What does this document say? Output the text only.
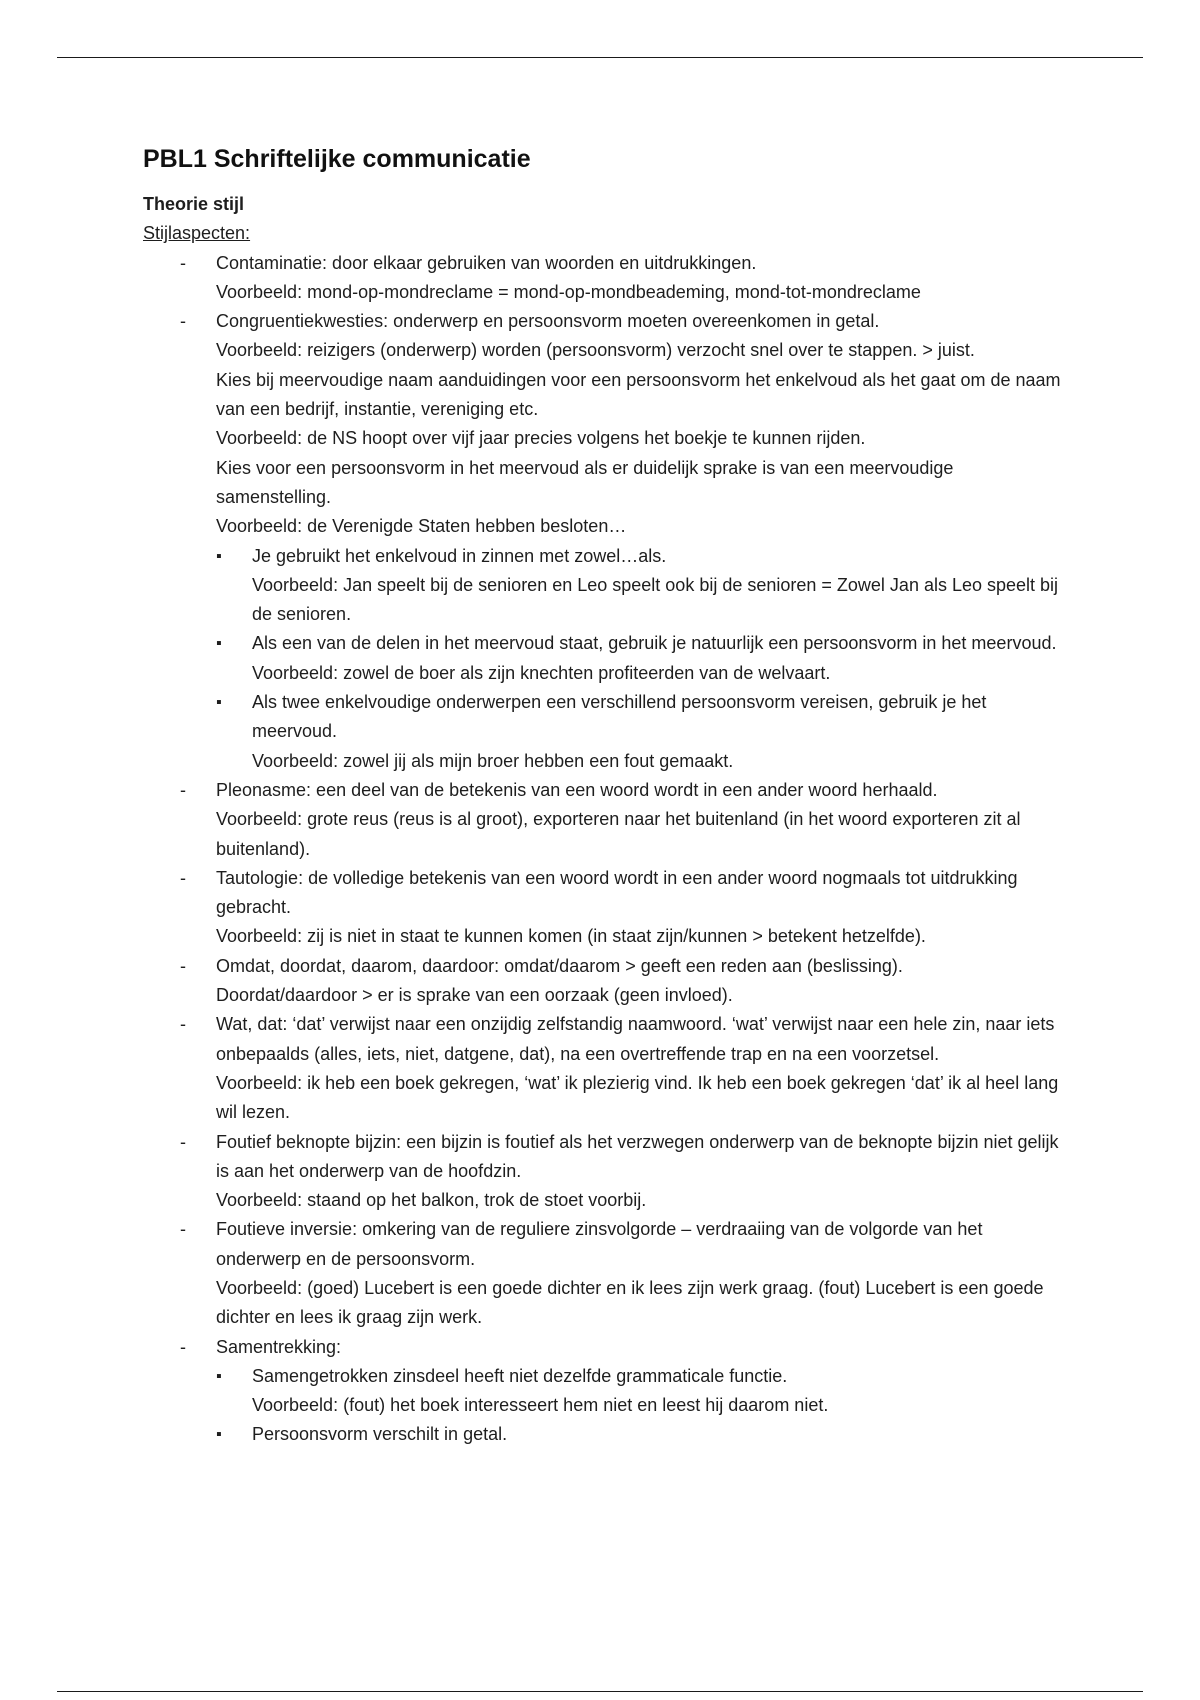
PBL1 Schriftelijke communicatie
Theorie stijl
Stijlaspecten:
- Contaminatie: door elkaar gebruiken van woorden en uitdrukkingen.
Voorbeeld: mond-op-mondreclame = mond-op-mondbeademing, mond-tot-mondreclame
- Congruentiekwesties: onderwerp en persoonsvorm moeten overeenkomen in getal.
Voorbeeld: reizigers (onderwerp) worden (persoonsvorm) verzocht snel over te stappen. > juist.
Kies bij meervoudige naam aanduidingen voor een persoonsvorm het enkelvoud als het gaat om de naam van een bedrijf, instantie, vereniging etc.
Voorbeeld: de NS hoopt over vijf jaar precies volgens het boekje te kunnen rijden.
Kies voor een persoonsvorm in het meervoud als er duidelijk sprake is van een meervoudige samenstelling.
Voorbeeld: de Verenigde Staten hebben besloten…
▪ Je gebruikt het enkelvoud in zinnen met zowel…als.
Voorbeeld: Jan speelt bij de senioren en Leo speelt ook bij de senioren = Zowel Jan als Leo speelt bij de senioren.
▪ Als een van de delen in het meervoud staat, gebruik je natuurlijk een persoonsvorm in het meervoud.
Voorbeeld: zowel de boer als zijn knechten profiteerden van de welvaart.
▪ Als twee enkelvoudige onderwerpen een verschillend persoonsvorm vereisen, gebruik je het meervoud.
Voorbeeld: zowel jij als mijn broer hebben een fout gemaakt.
- Pleonasme: een deel van de betekenis van een woord wordt in een ander woord herhaald.
Voorbeeld: grote reus (reus is al groot), exporteren naar het buitenland (in het woord exporteren zit al buitenland).
- Tautologie: de volledige betekenis van een woord wordt in een ander woord nogmaals tot uitdrukking gebracht.
Voorbeeld: zij is niet in staat te kunnen komen (in staat zijn/kunnen > betekent hetzelfde).
- Omdat, doordat, daarom, daardoor: omdat/daarom > geeft een reden aan (beslissing).
Doordat/daardoor > er is sprake van een oorzaak (geen invloed).
- Wat, dat: ‘dat’ verwijst naar een onzijdig zelfstandig naamwoord. ‘wat’ verwijst naar een hele zin, naar iets onbepaalds (alles, iets, niet, datgene, dat), na een overtreffende trap en na een voorzetsel.
Voorbeeld: ik heb een boek gekregen, ‘wat’ ik plezierig vind. Ik heb een boek gekregen ‘dat’ ik al heel lang wil lezen.
- Foutief beknopte bijzin: een bijzin is foutief als het verzwegen onderwerp van de beknopte bijzin niet gelijk is aan het onderwerp van de hoofdzin.
Voorbeeld: staand op het balkon, trok de stoet voorbij.
- Foutieve inversie: omkering van de reguliere zinsvolgorde – verdraaiing van de volgorde van het onderwerp en de persoonsvorm.
Voorbeeld: (goed) Lucebert is een goede dichter en ik lees zijn werk graag. (fout) Lucebert is een goede dichter en lees ik graag zijn werk.
- Samentrekking:
▪ Samengetrokken zinsdeel heeft niet dezelfde grammaticale functie.
Voorbeeld: (fout) het boek interesseert hem niet en leest hij daarom niet.
▪ Persoonsvorm verschilt in getal.
